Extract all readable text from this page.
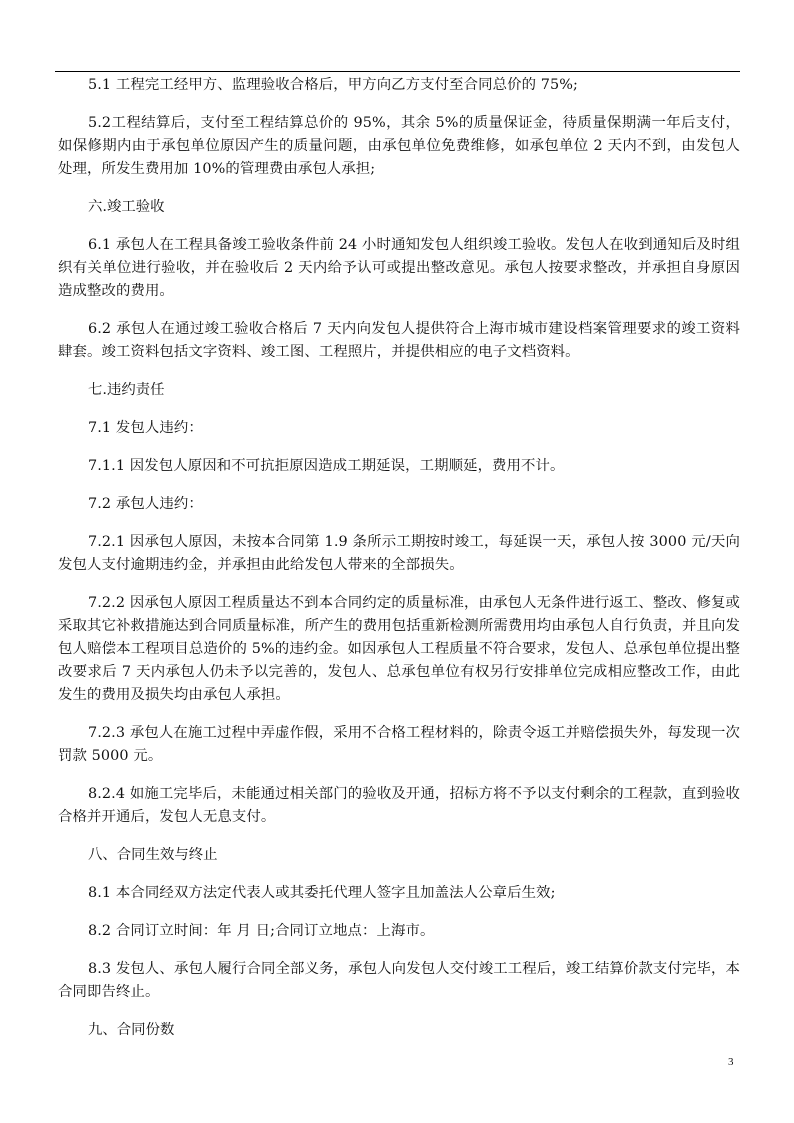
5.1 工程完工经甲方、监理验收合格后，甲方向乙方支付至合同总价的 75%;

5.2工程结算后，支付至工程结算总价的 95%，其余 5%的质量保证金，待质量保期满一年后支付，如保修期内由于承包单位原因产生的质量问题，由承包单位免费维修，如承包单位 2 天内不到，由发包人处理，所发生费用加 10%的管理费由承包人承担;

六.竣工验收

6.1 承包人在工程具备竣工验收条件前 24 小时通知发包人组织竣工验收。发包人在收到通知后及时组织有关单位进行验收，并在验收后 2 天内给予认可或提出整改意见。承包人按要求整改，并承担自身原因造成整改的费用。

6.2 承包人在通过竣工验收合格后 7 天内向发包人提供符合上海市城市建设档案管理要求的竣工资料肆套。竣工资料包括文字资料、竣工图、工程照片，并提供相应的电子文档资料。

七.违约责任

7.1 发包人违约：

7.1.1 因发包人原因和不可抗拒原因造成工期延误，工期顺延，费用不计。

7.2 承包人违约：

7.2.1 因承包人原因，未按本合同第 1.9 条所示工期按时竣工，每延误一天，承包人按 3000 元/天向发包人支付逾期违约金，并承担由此给发包人带来的全部损失。

7.2.2 因承包人原因工程质量达不到本合同约定的质量标准，由承包人无条件进行返工、整改、修复或采取其它补救措施达到合同质量标准，所产生的费用包括重新检测所需费用均由承包人自行负责，并且向发包人赔偿本工程项目总造价的 5%的违约金。如因承包人工程质量不符合要求，发包人、总承包单位提出整改要求后 7 天内承包人仍未予以完善的，发包人、总承包单位有权另行安排单位完成相应整改工作，由此发生的费用及损失均由承包人承担。

7.2.3 承包人在施工过程中弄虚作假，采用不合格工程材料的，除责令返工并赔偿损失外，每发现一次罚款 5000 元。

8.2.4 如施工完毕后，未能通过相关部门的验收及开通，招标方将不予以支付剩余的工程款，直到验收合格并开通后，发包人无息支付。

八、合同生效与终止

8.1 本合同经双方法定代表人或其委托代理人签字且加盖法人公章后生效;

8.2 合同订立时间：年 月 日;合同订立地点：上海市。

8.3 发包人、承包人履行合同全部义务，承包人向发包人交付竣工工程后，竣工结算价款支付完毕，本合同即告终止。

九、合同份数

3
